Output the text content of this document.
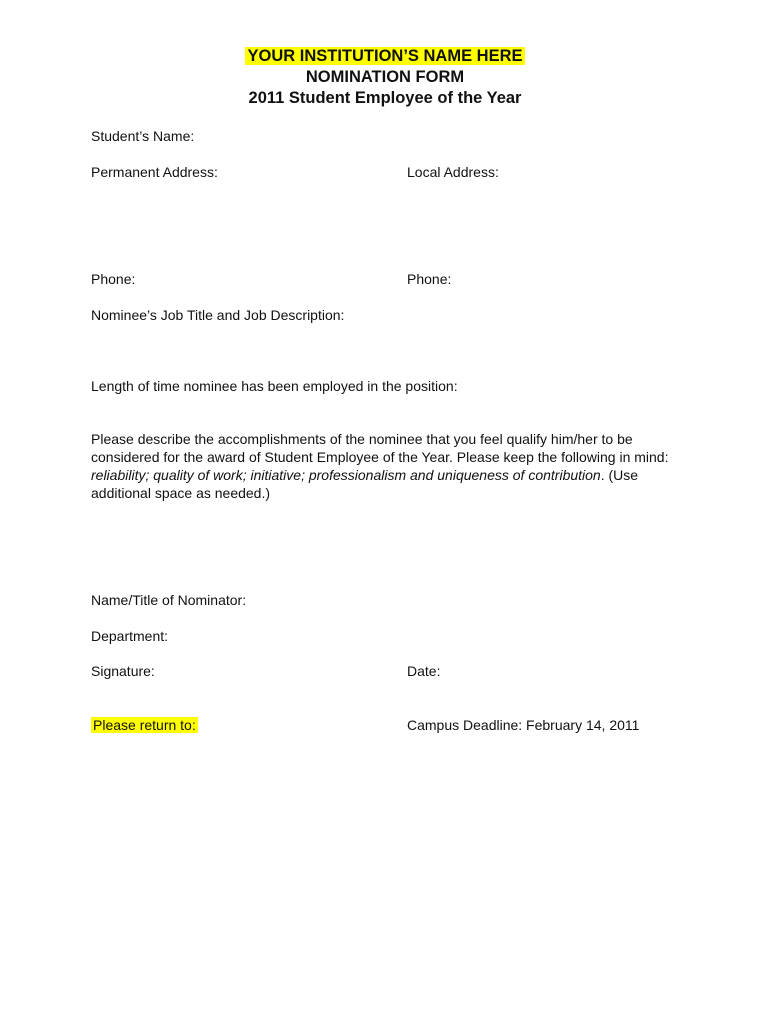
YOUR INSTITUTION’S NAME HERE
NOMINATION FORM
2011 Student Employee of the Year
Student’s Name:
Permanent Address:	Local Address:
Phone:	Phone:
Nominee’s Job Title and Job Description:
Length of time nominee has been employed in the position:
Please describe the accomplishments of the nominee that you feel qualify him/her to be considered for the award of Student Employee of the Year. Please keep the following in mind: reliability; quality of work; initiative; professionalism and uniqueness of contribution. (Use additional space as needed.)
Name/Title of Nominator:
Department:
Signature:	Date:
Please return to:	Campus Deadline: February 14, 2011
